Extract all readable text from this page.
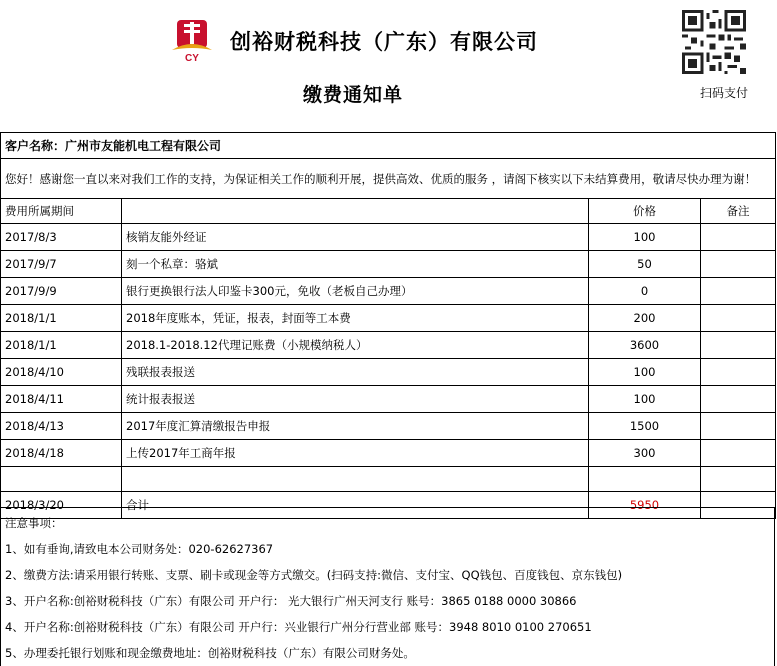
CY
创裕财税科技（广东）有限公司
缴费通知单	扫码支付
客户名称：广州市友能机电工程有限公司			
您好！感谢您一直以来对我们工作的支持，为保证相关工作的顺利开展，提供高效、优质的服务 ，请阁下核实以下未结算费用，敬请尽快办理为谢！			
费用所属期间		价格	备注
2017/8/3	核销友能外经证	100	
2017/9/7	刻一个私章：骆斌	50	
2017/9/9	银行更换银行法人印鉴卡300元，免收（老板自己办理）	0	
2018/1/1	2018年度账本，凭证，报表，封面等工本费	200	
2018/1/1	2018.1-2018.12代理记账费（小规模纳税人）	3600	
2018/4/10	残联报表报送	100	
2018/4/11	统计报表报送	100	
2018/4/13	2017年度汇算清缴报告申报	1500	
2018/4/18	上传2017年工商年报	300	

2018/3/20	合计	5950	
注意事项：
1、如有垂询,请致电本公司财务处：020-62627367
2、缴费方法:请采用银行转账、支票、刷卡或现金等方式缴交。(扫码支持:微信、支付宝、QQ钱包、百度钱包、京东钱包)
3、开户名称:创裕财税科技（广东）有限公司 开户行： 光大银行广州天河支行 账号：3865 0188 0000 30866
4、开户名称:创裕财税科技（广东）有限公司 开户行：兴业银行广州分行营业部 账号：3948 8010 0100 270651
5、办理委托银行划账和现金缴费地址：创裕财税科技（广东）有限公司财务处。
